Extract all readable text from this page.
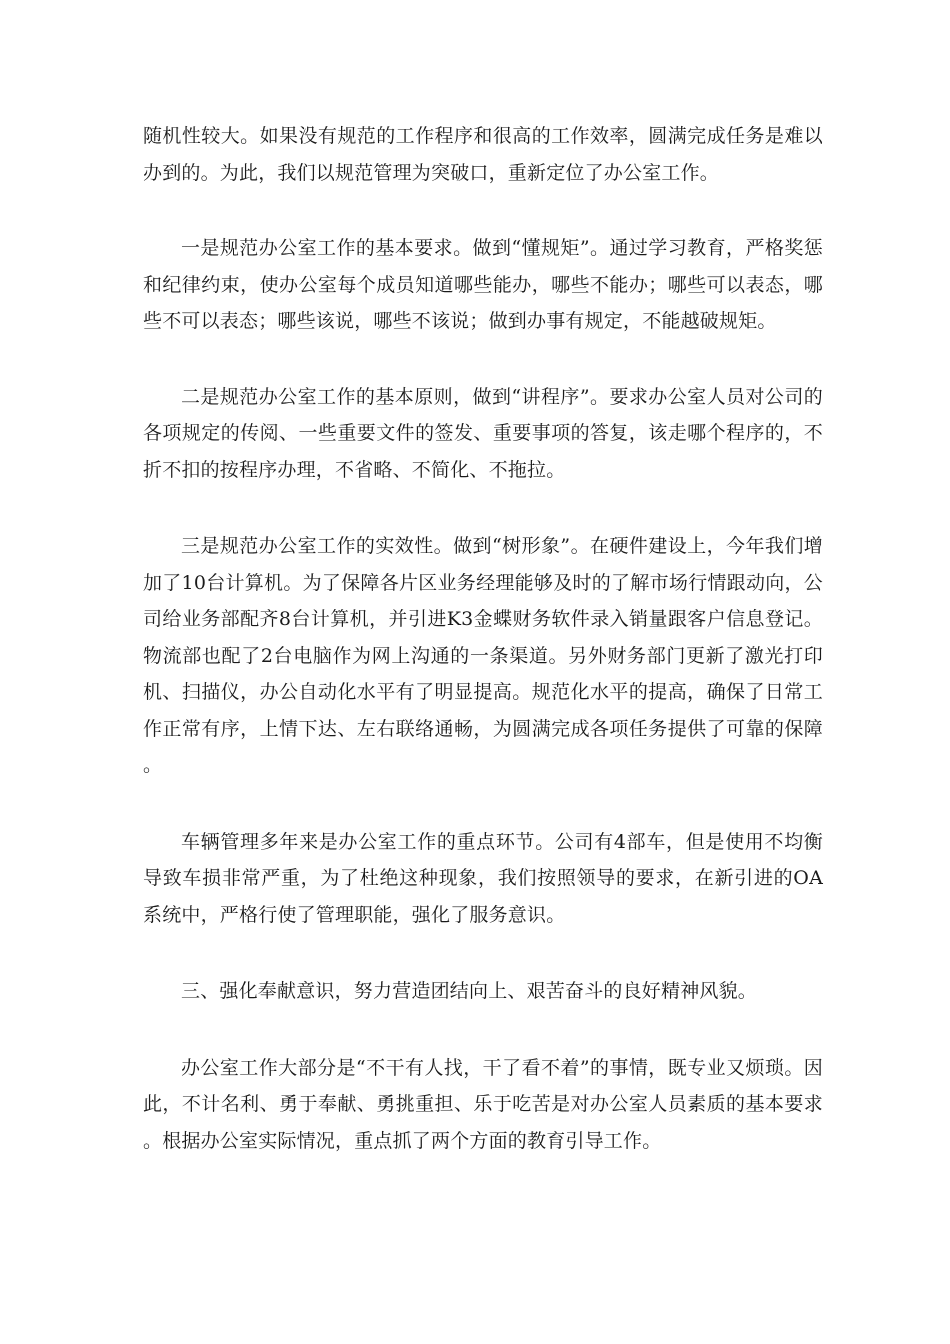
随机性较大。如果没有规范的工作程序和很高的工作效率，圆满完成任务是难以办到的。为此，我们以规范管理为突破口，重新定位了办公室工作。

一是规范办公室工作的基本要求。做到“懂规矩”。通过学习教育，严格奖惩和纪律约束，使办公室每个成员知道哪些能办，哪些不能办；哪些可以表态，哪些不可以表态；哪些该说，哪些不该说；做到办事有规定，不能越破规矩。

二是规范办公室工作的基本原则，做到“讲程序”。要求办公室人员对公司的各项规定的传阅、一些重要文件的签发、重要事项的答复，该走哪个程序的，不折不扣的按程序办理，不省略、不简化、不拖拉。

三是规范办公室工作的实效性。做到“树形象”。在硬件建设上，今年我们增加了10台计算机。为了保障各片区业务经理能够及时的了解市场行情跟动向，公司给业务部配齐8台计算机，并引进K3金蝶财务软件录入销量跟客户信息登记。物流部也配了2台电脑作为网上沟通的一条渠道。另外财务部门更新了激光打印机、扫描仪，办公自动化水平有了明显提高。规范化水平的提高，确保了日常工作正常有序，上情下达、左右联络通畅，为圆满完成各项任务提供了可靠的保障。

车辆管理多年来是办公室工作的重点环节。公司有4部车，但是使用不均衡导致车损非常严重，为了杜绝这种现象，我们按照领导的要求，在新引进的OA系统中，严格行使了管理职能，强化了服务意识。

三、强化奉献意识，努力营造团结向上、艰苦奋斗的良好精神风貌。

办公室工作大部分是“不干有人找，干了看不着”的事情，既专业又烦琐。因此，不计名利、勇于奉献、勇挑重担、乐于吃苦是对办公室人员素质的基本要求。根据办公室实际情况，重点抓了两个方面的教育引导工作。
